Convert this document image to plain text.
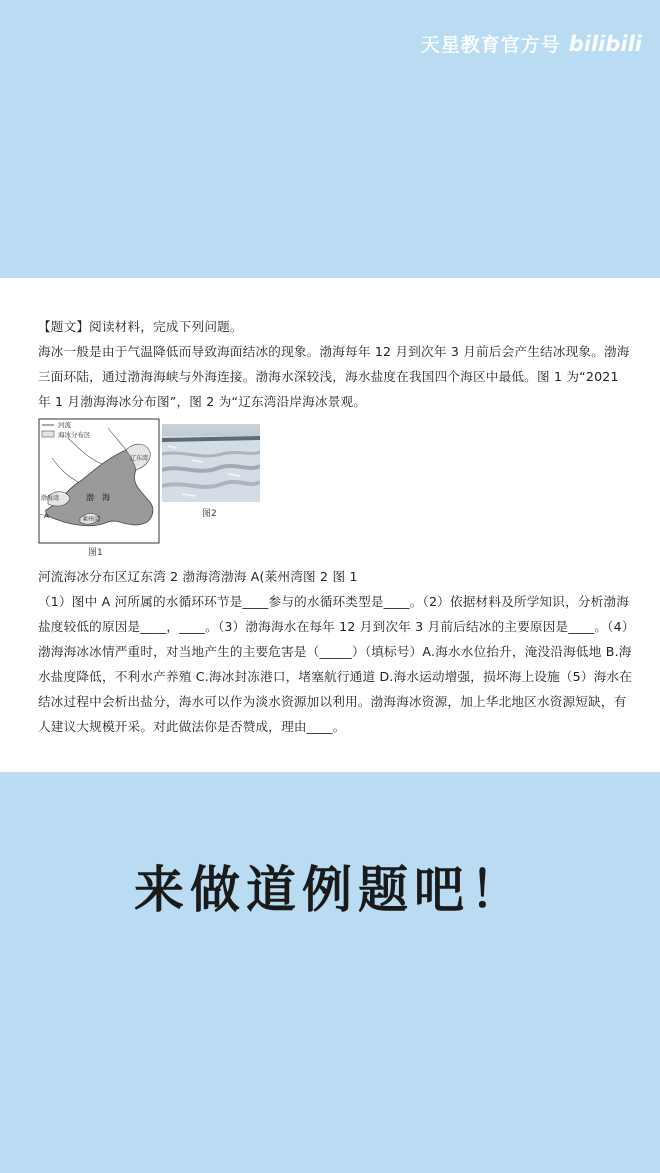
天星教育官方号 bilibili

【题文】阅读材料，完成下列问题。

海冰一般是由于气温降低而导致海面结冰的现象。渤海每年 12 月到次年 3 月前后会产生结冰现象。渤海三面环陆，通过渤海海峡与外海连接。渤海水深较浅，海水盐度在我国四个海区中最低。图 1 为“2021 年 1 月渤海海冰分布图”，图 2 为“辽东湾沿岸海冰景观。

河流
海冰分布区
辽东湾
渤　海
渤海湾
A	莱州湾
图1
图2

河流海冰分布区辽东湾 2 渤海湾渤海 A(莱州湾图 2 图 1

（1）图中 A 河所属的水循环环节是____参与的水循环类型是____。（2）依据材料及所学知识，分析渤海盐度较低的原因是____，____。（3）渤海海水在每年 12 月到次年 3 月前后结冰的主要原因是____。（4）渤海海冰冰情严重时，对当地产生的主要危害是（_____）（填标号）A.海水水位抬升，淹没沿海低地 B.海水盐度降低，不利水产养殖 C.海冰封冻港口，堵塞航行通道 D.海水运动增强，损坏海上设施（5）海水在结冰过程中会析出盐分，海水可以作为淡水资源加以利用。渤海海冰资源，加上华北地区水资源短缺，有人建议大规模开采。对此做法你是否赞成，理由____。

来做道例题吧！
